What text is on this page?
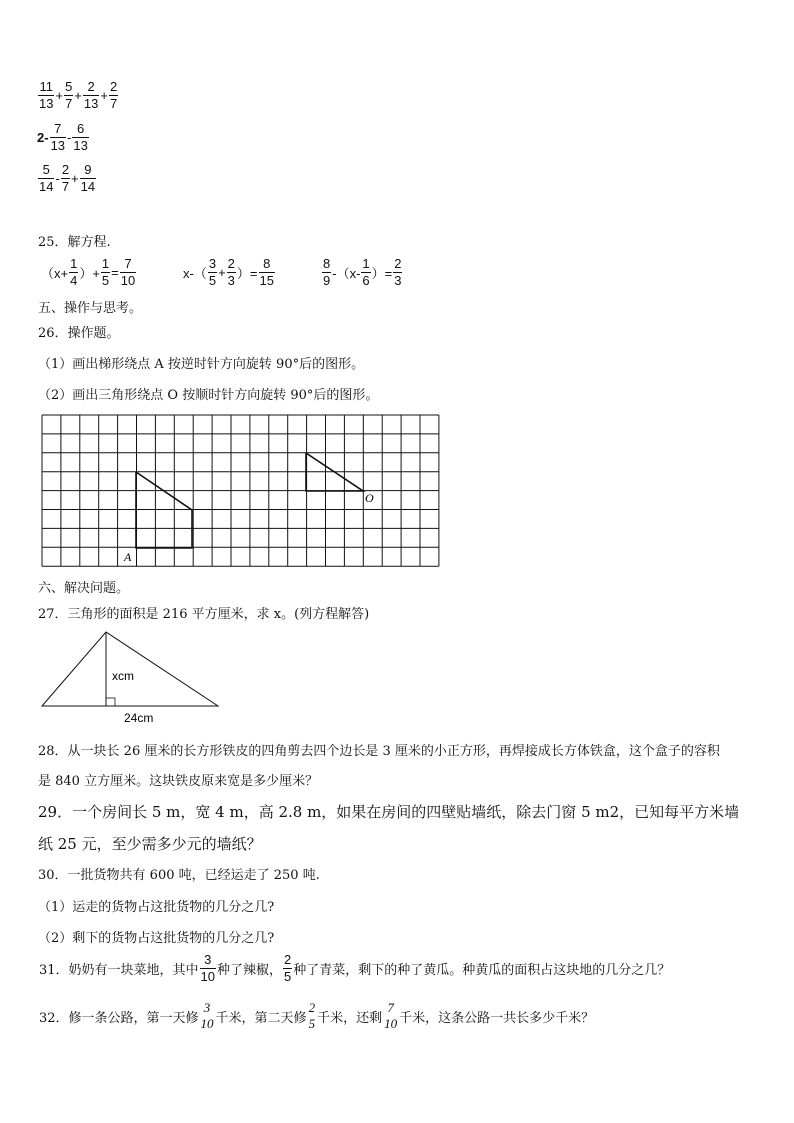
$\frac{11}{13} + \frac{5}{7} + \frac{2}{13} + \frac{2}{7}$
$2- \frac{7}{13} - \frac{6}{13}$
$\frac{5}{14} - \frac{2}{7} + \frac{9}{14}$
25．解方程.
（$x+ \frac{1}{4}$ ）+ $\frac{1}{5} = \frac{7}{10}$	$x-( \frac{3}{5} + \frac{2}{3}$ ）= $\frac{8}{15}$	$\frac{8}{9} -(x- \frac{1}{6}$ ）= $\frac{2}{3}$
五、操作与思考。
26．操作题。
（1）画出梯形绕点 A 按逆时针方向旋转 90°后的图形。
（2）画出三角形绕点 O 按顺时针方向旋转 90°后的图形。
A
O
xcm
24cm
六、解决问题。
27．三角形的面积是 216 平方厘米，求 x。(列方程解答)
28．从一块长 26 厘米的长方形铁皮的四角剪去四个边长是 3 厘米的小正方形，再焊接成长方体铁盒，这个盒子的容积
是 840 立方厘米。这块铁皮原来宽是多少厘米？
29．一个房间长 5 m，宽 4 m，高 2.8 m，如果在房间的四壁贴墙纸，除去门窗 5 m2，已知每平方米墙
纸 25 元，至少需多少元的墙纸？
30．一批货物共有 600 吨，已经运走了 250 吨.
（1）运走的货物占这批货物的几分之几?
（2）剩下的货物占这批货物的几分之几?
31．奶奶有一块菜地，其中 $\frac{3}{10}$ 种了辣椒， $\frac{2}{5}$ 种了青菜，剩下的种了黄瓜。种黄瓜的面积占这块地的几分之几？
32．修一条公路，第一天修
3
10 千米，第二天修
2
5 千米，还剩
7
10 千米，这条公路一共长多少千米？
